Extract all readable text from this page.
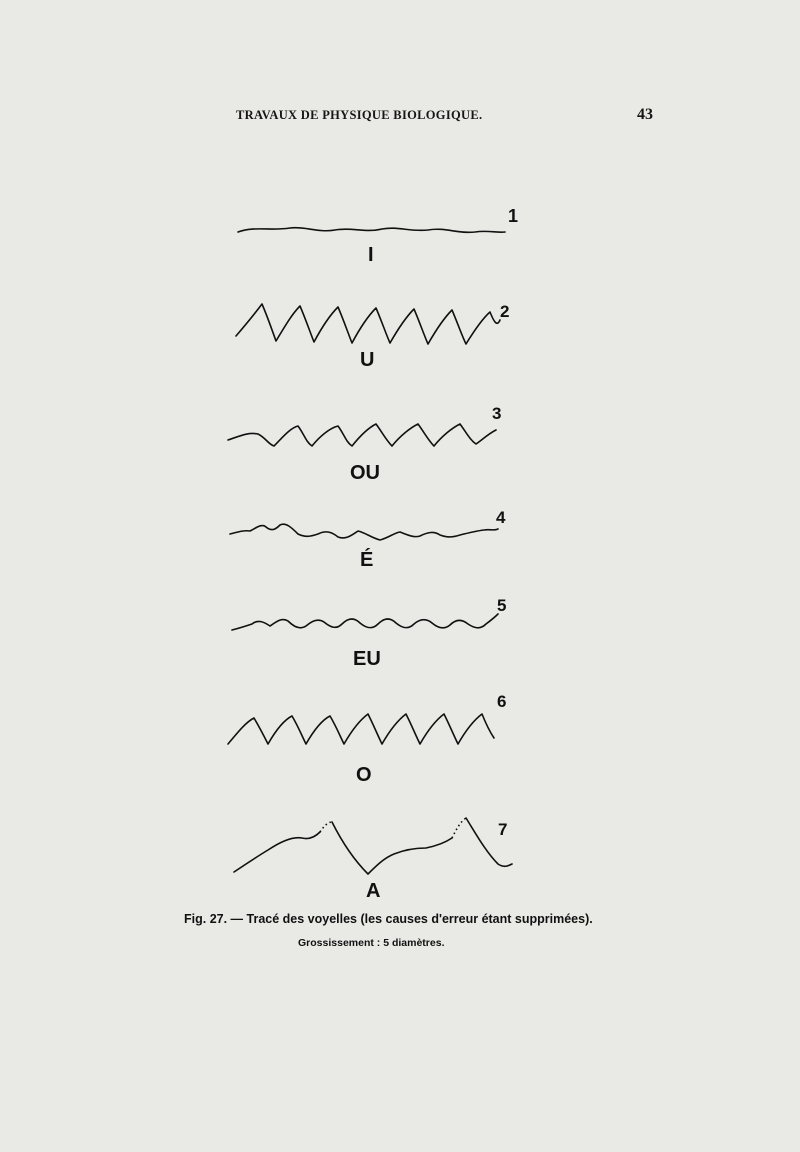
TRAVAUX DE PHYSIQUE BIOLOGIQUE.	43
1
I
2
U
3
OU
4
É
5
EU
6
O
7
A
Fig. 27. — Tracé des voyelles (les causes d'erreur étant supprimées).
Grossissement : 5 diamètres.
